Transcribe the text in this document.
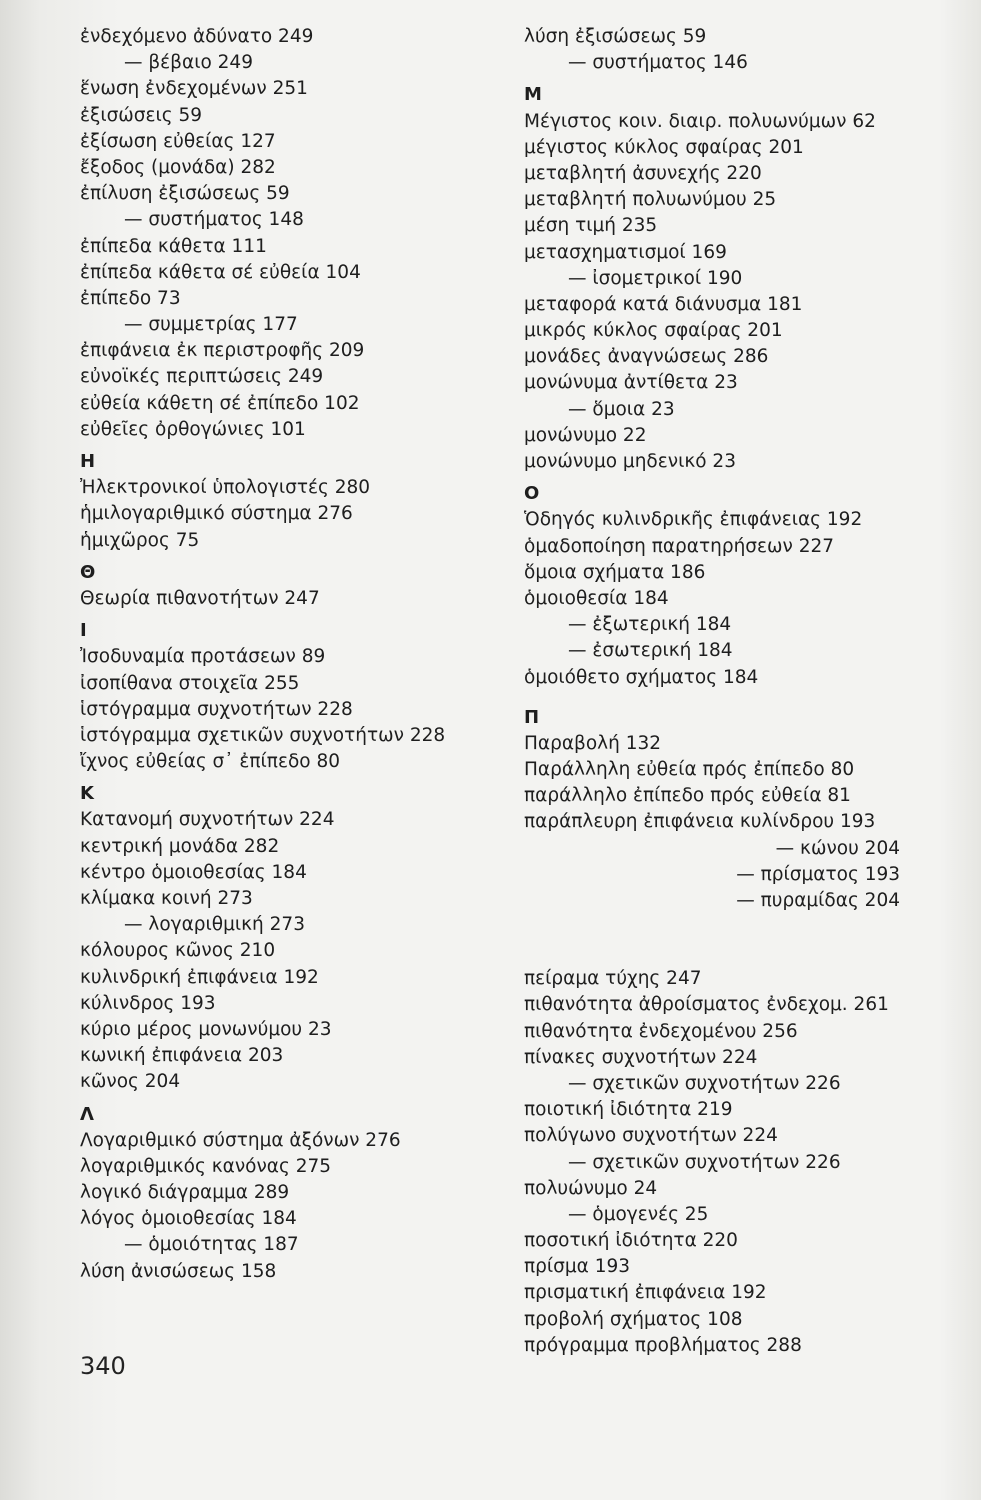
ἐνδεχόμενο ἀδύνατο 249
— βέβαιο 249
ἕνωση ἐνδεχομένων 251
ἐξισώσεις 59
ἐξίσωση εὐθείας 127
ἔξοδος (μονάδα) 282
ἐπίλυση ἐξισώσεως 59
— συστήματος 148
ἐπίπεδα κάθετα 111
ἐπίπεδα κάθετα σέ εὐθεία 104
ἐπίπεδο 73
— συμμετρίας 177
ἐπιφάνεια ἐκ περιστροφῆς 209
εὐνοϊκές περιπτώσεις 249
εὐθεία κάθετη σέ ἐπίπεδο 102
εὐθεῖες ὀρθογώνιες 101
Η
Ἠλεκτρονικοί ὑπολογιστές 280
ἡμιλογαριθμικό σύστημα 276
ἡμιχῶρος 75
Θ
Θεωρία πιθανοτήτων 247
Ι
Ἰσοδυναμία προτάσεων 89
ἰσοπίθανα στοιχεῖα 255
ἱστόγραμμα συχνοτήτων 228
ἱστόγραμμα σχετικῶν συχνοτήτων 228
ἴχνος εὐθείας σ᾽ ἐπίπεδο 80
Κ
Κατανομή συχνοτήτων 224
κεντρική μονάδα 282
κέντρο ὁμοιοθεσίας 184
κλίμακα κοινή 273
— λογαριθμική 273
κόλουρος κῶνος 210
κυλινδρική ἐπιφάνεια 192
κύλινδρος 193
κύριο μέρος μονωνύμου 23
κωνική ἐπιφάνεια 203
κῶνος 204
Λ
Λογαριθμικό σύστημα ἀξόνων 276
λογαριθμικός κανόνας 275
λογικό διάγραμμα 289
λόγος ὁμοιοθεσίας 184
— ὁμοιότητας 187
λύση ἀνισώσεως 158
λύση ἐξισώσεως 59
— συστήματος 146
Μ
Μέγιστος κοιν. διαιρ. πολυωνύμων 62
μέγιστος κύκλος σφαίρας 201
μεταβλητή ἀσυνεχής 220
μεταβλητή πολυωνύμου 25
μέση τιμή 235
μετασχηματισμοί 169
— ἰσομετρικοί 190
μεταφορά κατά διάνυσμα 181
μικρός κύκλος σφαίρας 201
μονάδες ἀναγνώσεως 286
μονώνυμα ἀντίθετα 23
— ὅμοια 23
μονώνυμο 22
μονώνυμο μηδενικό 23
Ο
Ὁδηγός κυλινδρικῆς ἐπιφάνειας 192
ὁμαδοποίηση παρατηρήσεων 227
ὅμοια σχήματα 186
ὁμοιοθεσία 184
— ἐξωτερική 184
— ἐσωτερική 184
ὁμοιόθετο σχήματος 184
Π
Παραβολή 132
Παράλληλη εὐθεία πρός ἐπίπεδο 80
παράλληλο ἐπίπεδο πρός εὐθεία 81
παράπλευρη ἐπιφάνεια κυλίνδρου 193
— κώνου 204
— πρίσματος 193
— πυραμίδας 204
πείραμα τύχης 247
πιθανότητα ἀθροίσματος ἐνδεχομ. 261
πιθανότητα ἐνδεχομένου 256
πίνακες συχνοτήτων 224
— σχετικῶν συχνοτήτων 226
ποιοτική ἰδιότητα 219
πολύγωνο συχνοτήτων 224
— σχετικῶν συχνοτήτων 226
πολυώνυμο 24
— ὁμογενές 25
ποσοτική ἰδιότητα 220
πρίσμα 193
πρισματική ἐπιφάνεια 192
προβολή σχήματος 108
πρόγραμμα προβλήματος 288
340
